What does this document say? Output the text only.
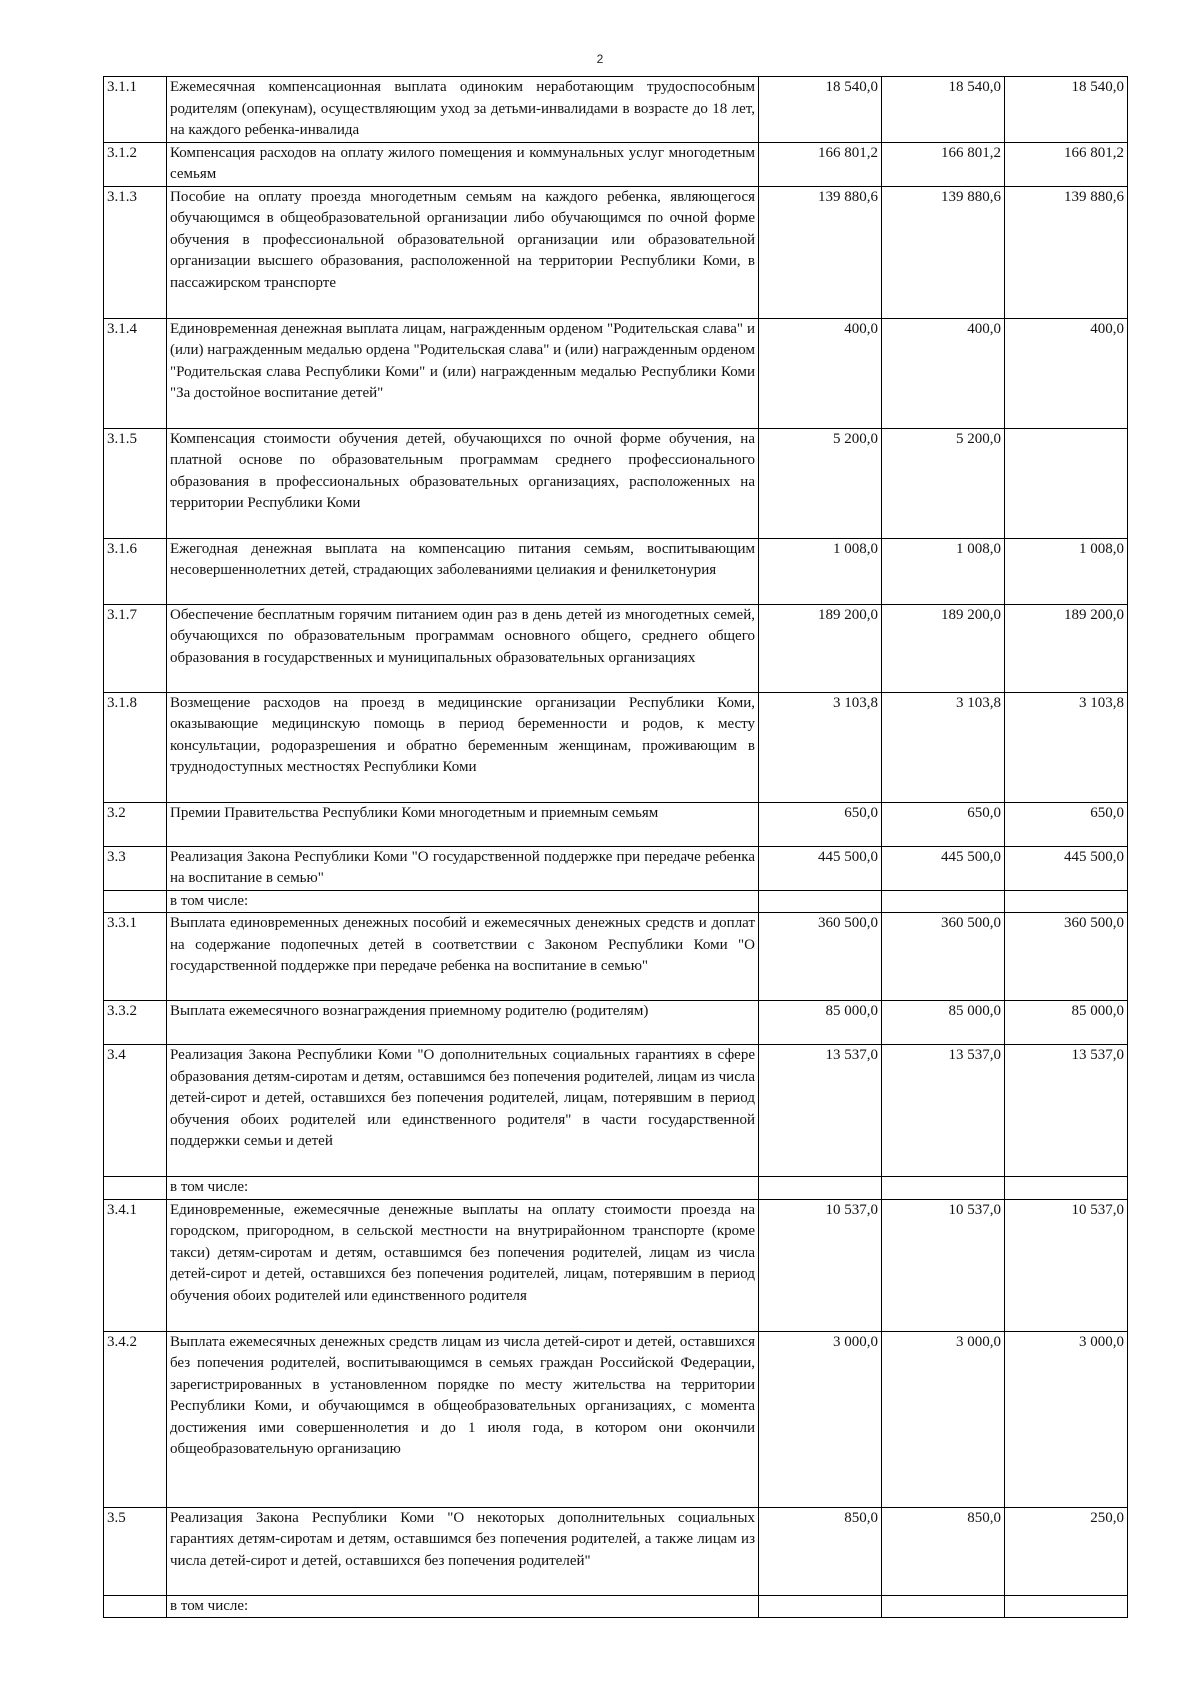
2
3.1.1	Ежемесячная компенсационная выплата одиноким неработающим трудоспособным родителям (опекунам), осуществляющим уход за детьми-инвалидами в возрасте до 18 лет, на каждого ребенка-инвалида	18 540,0	18 540,0	18 540,0
3.1.2	Компенсация расходов на оплату жилого помещения и коммунальных услуг многодетным семьям	166 801,2	166 801,2	166 801,2
3.1.3	Пособие на оплату проезда многодетным семьям на каждого ребенка, являющегося обучающимся в общеобразовательной организации либо обучающимся по очной форме обучения в профессиональной образовательной организации или образовательной организации высшего образования, расположенной на территории Республики Коми, в пассажирском транспорте	139 880,6	139 880,6	139 880,6
3.1.4	Единовременная денежная выплата лицам, награжденным орденом "Родительская слава" и (или) награжденным медалью ордена "Родительская слава" и (или) награжденным орденом "Родительская слава Республики Коми" и (или) награжденным медалью Республики Коми "За достойное воспитание детей"	400,0	400,0	400,0
3.1.5	Компенсация стоимости обучения детей, обучающихся по очной форме обучения, на платной основе по образовательным программам среднего профессионального образования в профессиональных образовательных организациях, расположенных на территории Республики Коми	5 200,0	5 200,0	
3.1.6	Ежегодная денежная выплата на компенсацию питания семьям, воспитывающим несовершеннолетних детей, страдающих заболеваниями целиакия и фенилкетонурия	1 008,0	1 008,0	1 008,0
3.1.7	Обеспечение бесплатным горячим питанием один раз в день детей из многодетных семей, обучающихся по образовательным программам основного общего, среднего общего образования в государственных и муниципальных образовательных организациях	189 200,0	189 200,0	189 200,0
3.1.8	Возмещение расходов на проезд в медицинские организации Республики Коми, оказывающие медицинскую помощь в период беременности и родов, к месту консультации, родоразрешения и обратно беременным женщинам, проживающим в труднодоступных местностях Республики Коми	3 103,8	3 103,8	3 103,8
3.2	Премии Правительства Республики Коми многодетным и приемным семьям	650,0	650,0	650,0
3.3	Реализация Закона Республики Коми "О государственной поддержке при передаче ребенка на воспитание в семью"	445 500,0	445 500,0	445 500,0
	в том числе:			
3.3.1	Выплата единовременных денежных пособий и ежемесячных денежных средств и доплат на содержание подопечных детей в соответствии с Законом Республики Коми "О государственной поддержке при передаче ребенка на воспитание в семью"	360 500,0	360 500,0	360 500,0
3.3.2	Выплата ежемесячного вознаграждения приемному родителю (родителям)	85 000,0	85 000,0	85 000,0
3.4	Реализация Закона Республики Коми "О дополнительных социальных гарантиях в сфере образования детям-сиротам и детям, оставшимся без попечения родителей, лицам из числа детей-сирот и детей, оставшихся без попечения родителей, лицам, потерявшим в период обучения обоих родителей или единственного родителя" в части государственной поддержки семьи и детей	13 537,0	13 537,0	13 537,0
	в том числе:			
3.4.1	Единовременные, ежемесячные денежные выплаты на оплату стоимости проезда на городском, пригородном, в сельской местности на внутрирайонном транспорте (кроме такси) детям-сиротам и детям, оставшимся без попечения родителей, лицам из числа детей-сирот и детей, оставшихся без попечения родителей, лицам, потерявшим в период обучения обоих родителей или единственного родителя	10 537,0	10 537,0	10 537,0
3.4.2	Выплата ежемесячных денежных средств лицам из числа детей-сирот и детей, оставшихся без попечения родителей, воспитывающимся в семьях граждан Российской Федерации, зарегистрированных в установленном порядке по месту жительства на территории Республики Коми, и обучающимся в общеобразовательных организациях, с момента достижения ими совершеннолетия и до 1 июля года, в котором они окончили общеобразовательную организацию	3 000,0	3 000,0	3 000,0
3.5	Реализация Закона Республики Коми "О некоторых дополнительных социальных гарантиях детям-сиротам и детям, оставшимся без попечения родителей, а также лицам из числа детей-сирот и детей, оставшихся без попечения родителей"	850,0	850,0	250,0
	в том числе:			
